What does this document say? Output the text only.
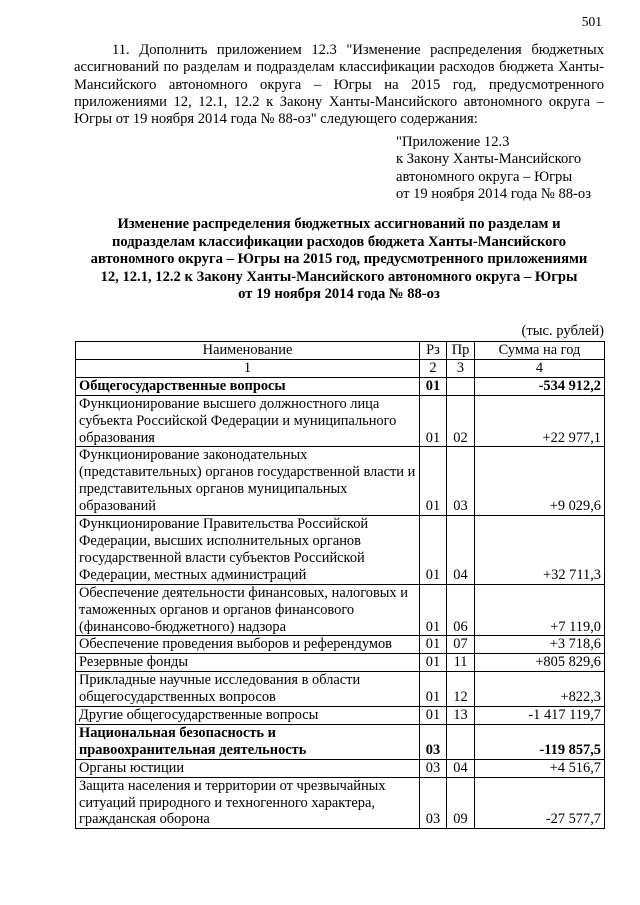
501

11. Дополнить приложением 12.3 "Изменение распределения бюджетных ассигнований по разделам и подразделам классификации расходов бюджета Ханты-Мансийского автономного округа – Югры на 2015 год, предусмотренного приложениями 12, 12.1, 12.2 к Закону Ханты-Мансийского автономного округа – Югры от 19 ноября 2014 года № 88-оз" следующего содержания:

"Приложение 12.3
к Закону Ханты-Мансийского
автономного округа – Югры
от 19 ноября 2014 года № 88-оз
Изменение распределения бюджетных ассигнований по разделам и
подразделам классификации расходов бюджета Ханты-Мансийского
автономного округа – Югры на 2015 год, предусмотренного приложениями
12, 12.1, 12.2 к Закону Ханты-Мансийского автономного округа – Югры
от 19 ноября 2014 года № 88-оз
(тыс. рублей)
Наименование	Рз	Пр	Сумма на год
1	2	3	4
Общегосударственные вопросы	01		-534 912,2
Функционирование высшего должностного лица субъекта Российской Федерации и муниципального образования	01	02	+22 977,1
Функционирование законодательных (представительных) органов государственной власти и представительных органов муниципальных образований	01	03	+9 029,6
Функционирование Правительства Российской Федерации, высших исполнительных органов государственной власти субъектов Российской Федерации, местных администраций	01	04	+32 711,3
Обеспечение деятельности финансовых, налоговых и таможенных органов и органов финансового (финансово-бюджетного) надзора	01	06	+7 119,0
Обеспечение проведения выборов и референдумов	01	07	+3 718,6
Резервные фонды	01	11	+805 829,6
Прикладные научные исследования в области общегосударственных вопросов	01	12	+822,3
Другие общегосударственные вопросы	01	13	-1 417 119,7
Национальная безопасность и правоохранительная деятельность	03		-119 857,5
Органы юстиции	03	04	+4 516,7
Защита населения и территории от чрезвычайных ситуаций природного и техногенного характера, гражданская оборона	03	09	-27 577,7
